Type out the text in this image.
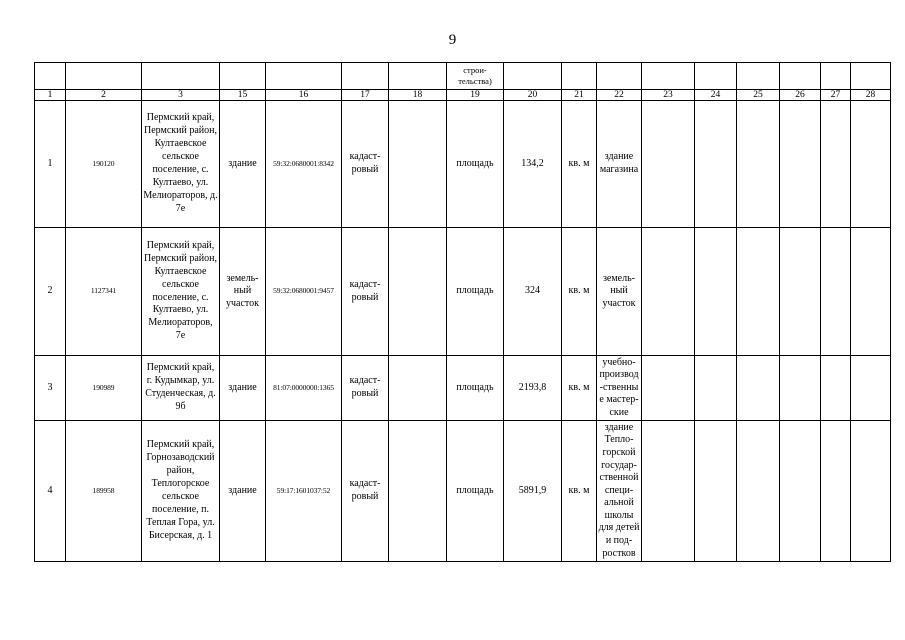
9
							строи-
тельства)									
1	2	3	15	16	17	18	19	20	21	22	23	24	25	26	27	28
1	190120	Пермский край, Пермский район, Култаевское сельское поселение, с. Култаево, ул. Мелиораторов, д. 7е	здание	59:32:0680001:8342	кадаст-ровый		площадь	134,2	кв. м	здание магазина						
2	1127341	Пермский край, Пермский район, Култаевское сельское поселение, с. Култаево, ул. Мелиораторов, 7е	земель-ный участок	59:32:0680001:9457	кадаст-ровый		площадь	324	кв. м	земель-ный участок						
3	190989	Пермский край, г. Кудымкар, ул. Студенческая, д. 9б	здание	81:07:0000000:1365	кадаст-ровый		площадь	2193,8	кв. м	учебно-производ-ственные мастер-ские						
4	189958	Пермский край, Горнозаводский район, Теплогорское сельское поселение, п. Теплая Гора, ул. Бисерская, д. 1	здание	59:17:1601037:52	кадаст-ровый		площадь	5891,9	кв. м	здание Тепло-горской государ-ственной специ-альной школы для детей и под-ростков						
